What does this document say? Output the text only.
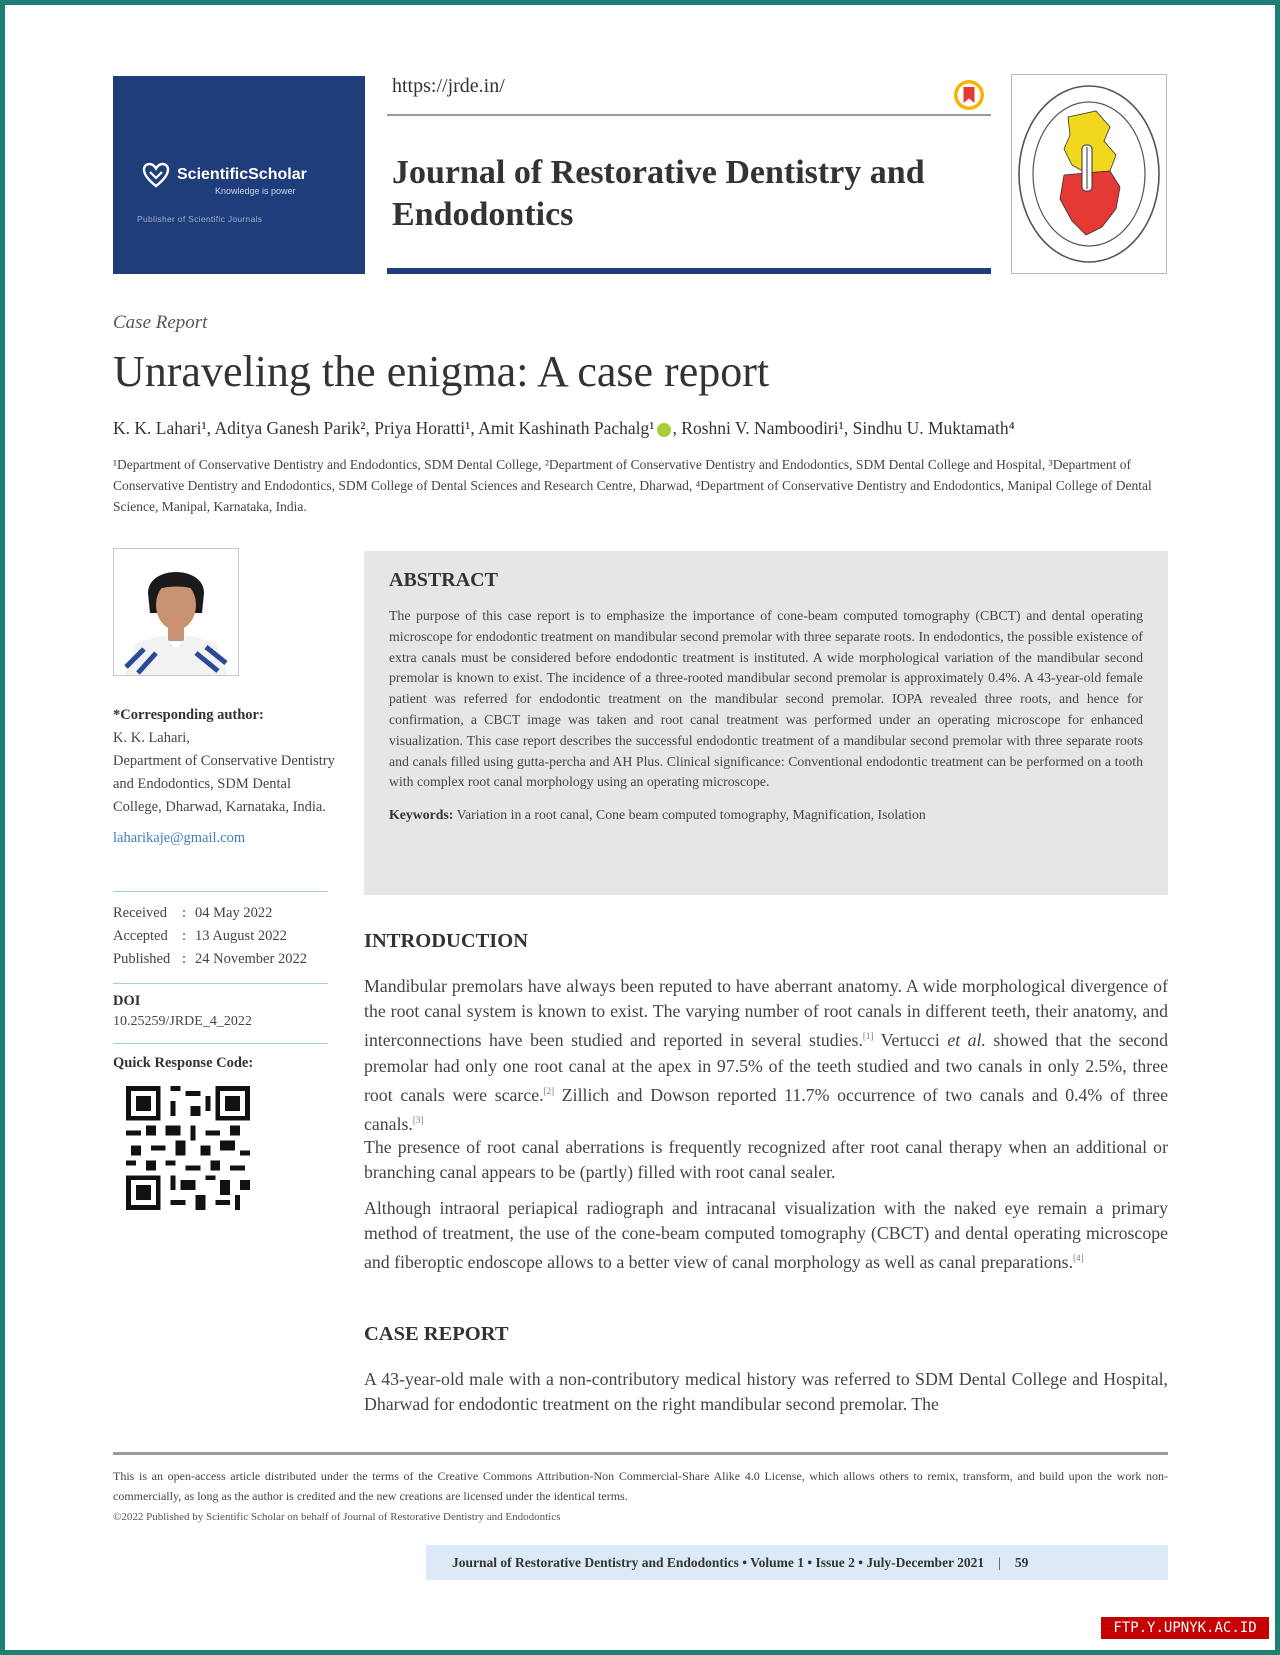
ScientificScholar
Knowledge is power
Publisher of Scientific Journals
https://jrde.in/
Journal of Restorative Dentistry and Endodontics
Case Report
Unraveling the enigma: A case report
K. K. Lahari¹, Aditya Ganesh Parik², Priya Horatti¹, Amit Kashinath Pachalg¹ , Roshni V. Namboodiri¹, Sindhu U. Muktamath⁴
¹Department of Conservative Dentistry and Endodontics, SDM Dental College, ²Department of Conservative Dentistry and Endodontics, SDM Dental College and Hospital, ³Department of Conservative Dentistry and Endodontics, SDM College of Dental Sciences and Research Centre, Dharwad, ⁴Department of Conservative Dentistry and Endodontics, Manipal College of Dental Science, Manipal, Karnataka, India.
*Corresponding author:
K. K. Lahari,
Department of Conservative Dentistry and Endodontics, SDM Dental College, Dharwad, Karnataka, India.
laharikaje@gmail.com
Received	: 04 May 2022
Accepted : 13 August 2022
Published : 24 November 2022
DOI
10.25259/JRDE_4_2022
Quick Response Code:
ABSTRACT
The purpose of this case report is to emphasize the importance of cone-beam computed tomography (CBCT) and dental operating microscope for endodontic treatment on mandibular second premolar with three separate roots. In endodontics, the possible existence of extra canals must be considered before endodontic treatment is instituted. A wide morphological variation of the mandibular second premolar is known to exist. The incidence of a three-rooted mandibular second premolar is approximately 0.4%. A 43-year-old female patient was referred for endodontic treatment on the mandibular second premolar. IOPA revealed three roots, and hence for confirmation, a CBCT image was taken and root canal treatment was performed under an operating microscope for enhanced visualization. This case report describes the successful endodontic treatment of a mandibular second premolar with three separate roots and canals filled using gutta-percha and AH Plus. Clinical significance: Conventional endodontic treatment can be performed on a tooth with complex root canal morphology using an operating microscope.
Keywords: Variation in a root canal, Cone beam computed tomography, Magnification, Isolation
INTRODUCTION
Mandibular premolars have always been reputed to have aberrant anatomy. A wide morphological divergence of the root canal system is known to exist. The varying number of root canals in different teeth, their anatomy, and interconnections have been studied and reported in several studies.[1] Vertucci et al. showed that the second premolar had only one root canal at the apex in 97.5% of the teeth studied and two canals in only 2.5%, three root canals were scarce.[2] Zillich and Dowson reported 11.7% occurrence of two canals and 0.4% of three canals.[3]
The presence of root canal aberrations is frequently recognized after root canal therapy when an additional or branching canal appears to be (partly) filled with root canal sealer.
Although intraoral periapical radiograph and intracanal visualization with the naked eye remain a primary method of treatment, the use of the cone-beam computed tomography (CBCT) and dental operating microscope and fiberoptic endoscope allows to a better view of canal morphology as well as canal preparations.[4]
CASE REPORT
A 43-year-old male with a non-contributory medical history was referred to SDM Dental College and Hospital, Dharwad for endodontic treatment on the right mandibular second premolar. The
This is an open-access article distributed under the terms of the Creative Commons Attribution-Non Commercial-Share Alike 4.0 License, which allows others to remix, transform, and build upon the work non-commercially, as long as the author is credited and the new creations are licensed under the identical terms.
©2022 Published by Scientific Scholar on behalf of Journal of Restorative Dentistry and Endodontics
Journal of Restorative Dentistry and Endodontics • Volume 1 • Issue 2 • July-December 2021 | 59
FTP.Y.UPNYK.AC.ID
